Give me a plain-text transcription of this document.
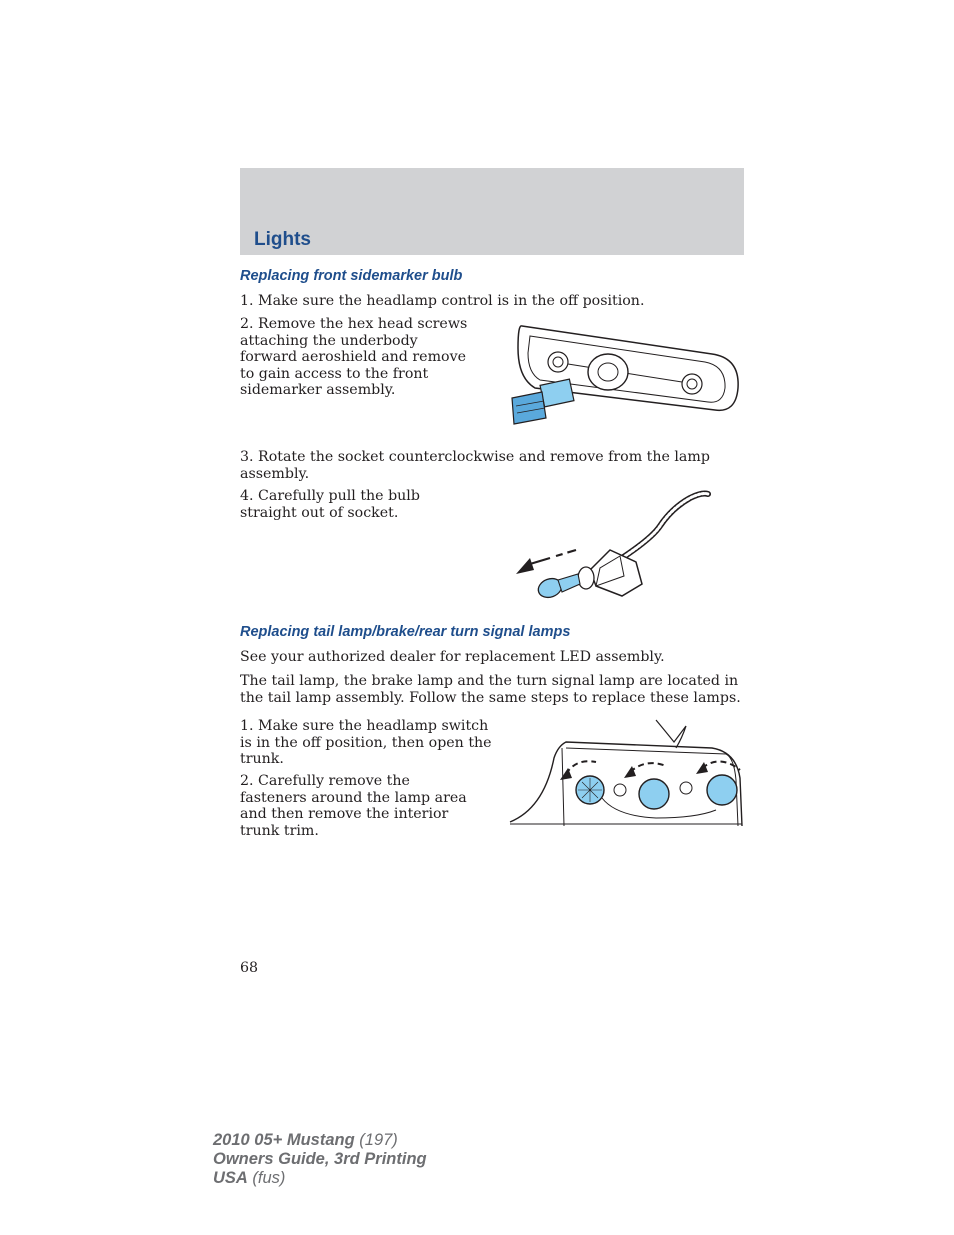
Lights
Replacing front sidemarker bulb

1. Make sure the headlamp control is in the off position.

2. Remove the hex head screws attaching the underbody forward aeroshield and remove to gain access to the front sidemarker assembly.

3. Rotate the socket counterclockwise and remove from the lamp assembly.

4. Carefully pull the bulb straight out of socket.

Replacing tail lamp/brake/rear turn signal lamps

See your authorized dealer for replacement LED assembly.

The tail lamp, the brake lamp and the turn signal lamp are located in the tail lamp assembly. Follow the same steps to replace these lamps.

1. Make sure the headlamp switch is in the off position, then open the trunk.

2. Carefully remove the fasteners around the lamp area and then remove the interior trunk trim.

68

2010 05+ Mustang (197)
Owners Guide, 3rd Printing
USA (fus)
